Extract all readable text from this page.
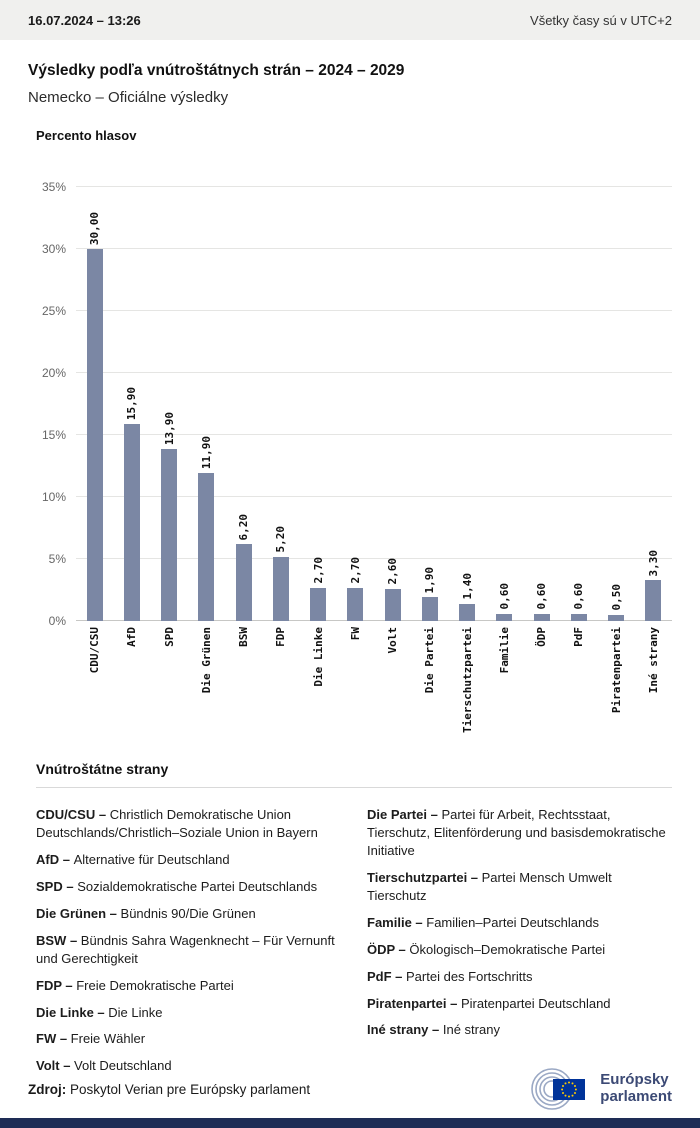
16.07.2024 – 13:26	Všetky časy sú v UTC+2
Výsledky podľa vnútroštátnych strán – 2024 – 2029
Nemecko – Oficiálne výsledky
Percento hlasov
0%
5%
10%
15%
20%
25%
30%
35%
30,00
15,90
13,90
11,90
6,20 5,20
2,70 2,70 2,60 1,90 1,40 0,60 0,60 0,60 0,50
3,30
CDU/CSU AfD SPD Die Grünen BSW FDP Die Linke FW Volt Die Partei Tierschutzpartei Familie ÖDP PdF Piratenpartei Iné strany
Vnútroštátne strany
CDU/CSU – Christlich Demokratische Union Deutschlands/Christlich–Soziale Union in Bayern
AfD – Alternative für Deutschland
SPD – Sozialdemokratische Partei Deutschlands
Die Grünen – Bündnis 90/Die Grünen
BSW – Bündnis Sahra Wagenknecht – Für Vernunft und Gerechtigkeit
FDP – Freie Demokratische Partei
Die Linke – Die Linke
FW – Freie Wähler
Volt – Volt Deutschland
Die Partei – Partei für Arbeit, Rechtsstaat, Tierschutz, Elitenförderung und basisdemokratische Initiative
Tierschutzpartei – Partei Mensch Umwelt Tierschutz
Familie – Familien–Partei Deutschlands
ÖDP – Ökologisch–Demokratische Partei
PdF – Partei des Fortschritts
Piratenpartei – Piratenpartei Deutschland
Iné strany – Iné strany
Zdroj: Poskytol Verian pre Európsky parlament
Európsky
parlament
